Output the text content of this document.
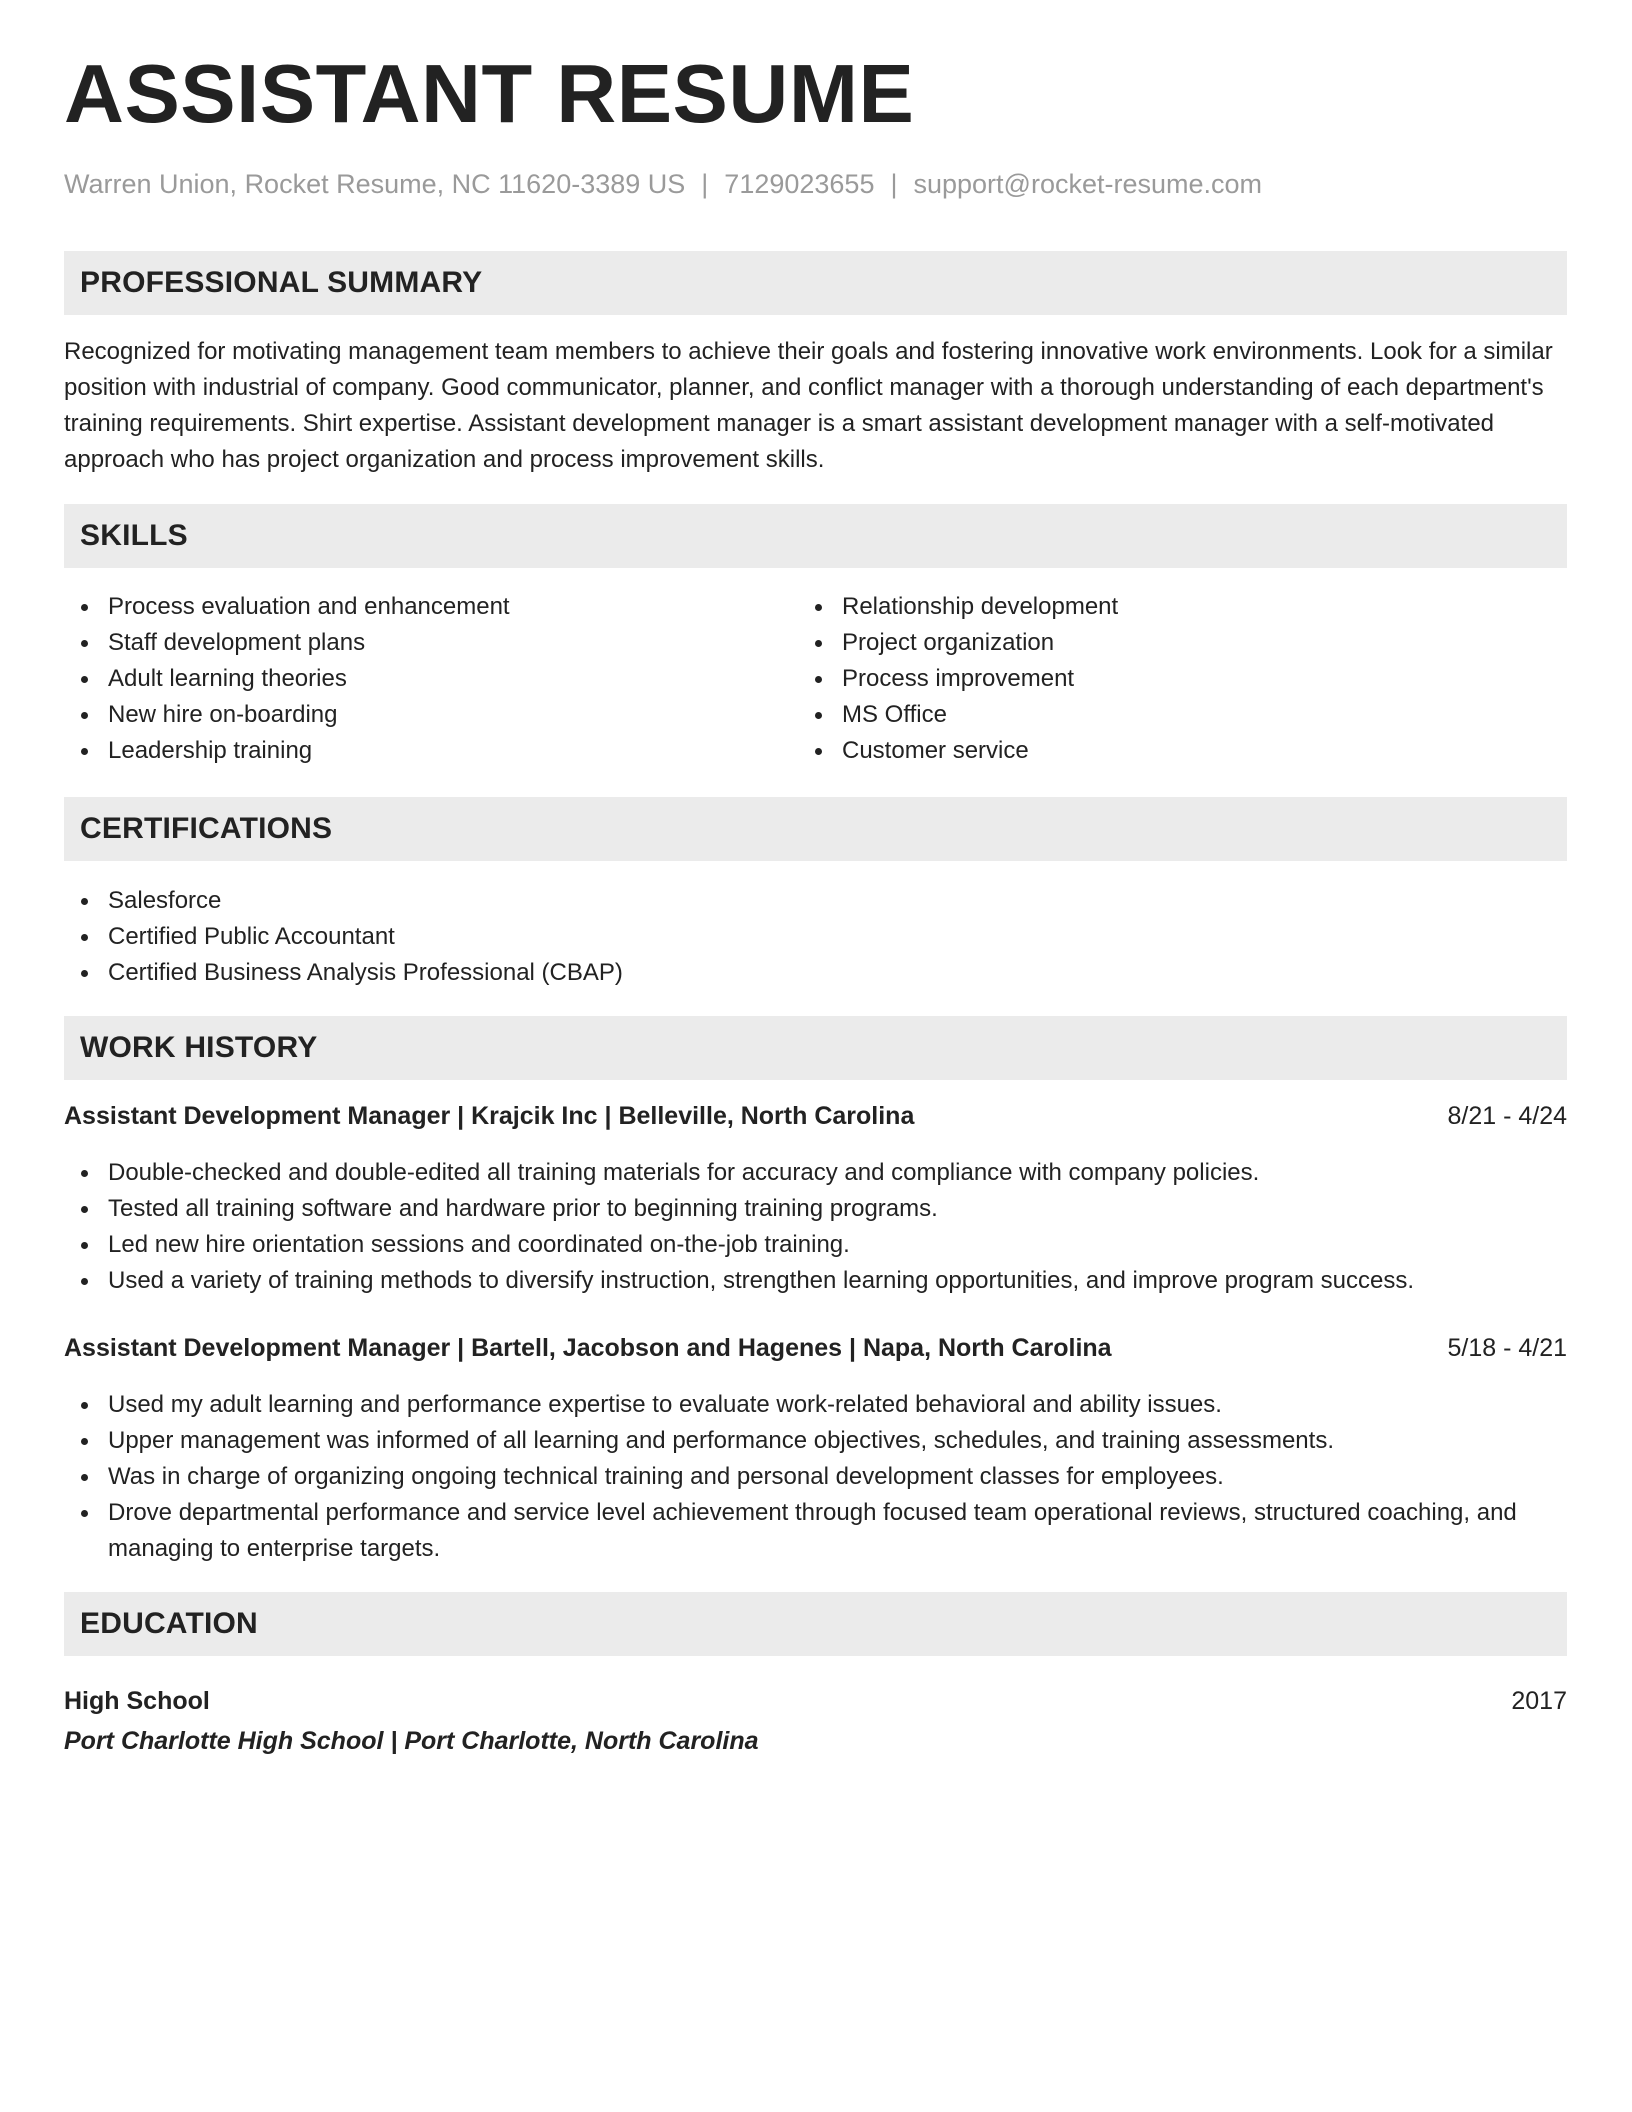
ASSISTANT RESUME
Warren Union, Rocket Resume, NC 11620-3389 US | 7129023655 | support@rocket-resume.com
PROFESSIONAL SUMMARY

Recognized for motivating management team members to achieve their goals and fostering innovative work environments. Look for a similar position with industrial of company. Good communicator, planner, and conflict manager with a thorough understanding of each department's training requirements. Shirt expertise. Assistant development manager is a smart assistant development manager with a self-motivated approach who has project organization and process improvement skills.

SKILLS
Process evaluation and enhancement
Staff development plans
Adult learning theories
New hire on-boarding
Leadership training
Relationship development
Project organization
Process improvement
MS Office
Customer service
CERTIFICATIONS
Salesforce
Certified Public Accountant
Certified Business Analysis Professional (CBAP)
WORK HISTORY
Assistant Development Manager | Krajcik Inc | Belleville, North Carolina	8/21 - 4/24
Double-checked and double-edited all training materials for accuracy and compliance with company policies.
Tested all training software and hardware prior to beginning training programs.
Led new hire orientation sessions and coordinated on-the-job training.
Used a variety of training methods to diversify instruction, strengthen learning opportunities, and improve program success.
Assistant Development Manager | Bartell, Jacobson and Hagenes | Napa, North Carolina	5/18 - 4/21
Used my adult learning and performance expertise to evaluate work-related behavioral and ability issues.
Upper management was informed of all learning and performance objectives, schedules, and training assessments.
Was in charge of organizing ongoing technical training and personal development classes for employees.
Drove departmental performance and service level achievement through focused team operational reviews, structured coaching, and managing to enterprise targets.
EDUCATION
High School	2017
Port Charlotte High School | Port Charlotte, North Carolina
